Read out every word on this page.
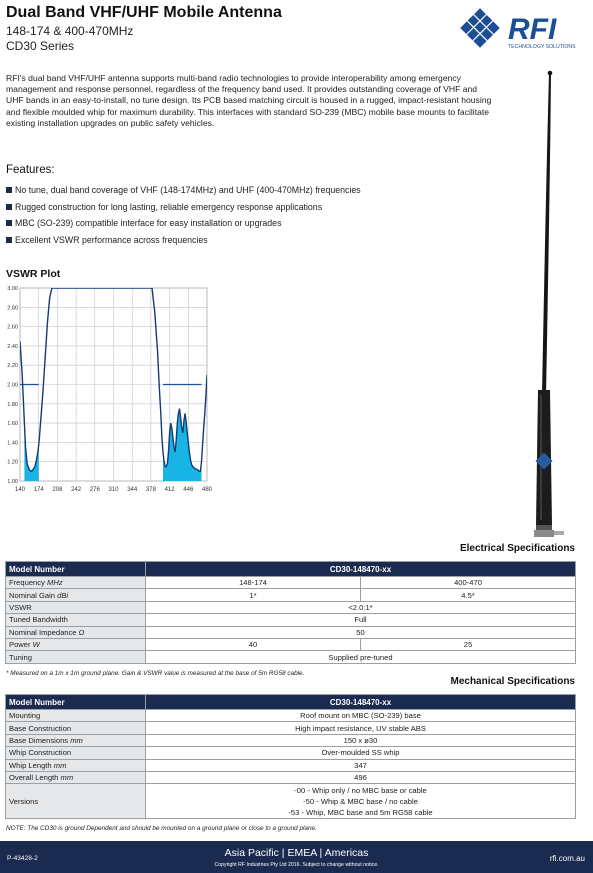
Dual Band VHF/UHF Mobile Antenna
148-174 & 400-470MHz
CD30 Series	RFI
TECHNOLOGY SOLUTIONS
RFI's dual band VHF/UHF antenna supports multi-band radio technologies to provide interoperability among emergency management and response personnel, regardless of the frequency band used. It provides outstanding coverage of VHF and UHF bands in an easy-to-install, no tune design. Its PCB based matching circuit is housed in a rugged, impact-resistant housing and flexible moulded whip for maximum durability. This interfaces with standard SO-239 (MBC) mobile base mounts to facilitate existing installation upgrades on public safety vehicles.
Features:
No tune, dual band coverage of VHF (148-174MHz) and UHF (400-470MHz) frequencies
Rugged construction for long lasting, reliable emergency response applications
MBC (SO-239) compatible interface for easy installation or upgrades
Excellent VSWR performance across frequencies
VSWR Plot
140 174 208 242 276 310 344 378 412 446 480
3.00
2.80
2.60
2.40
2.20
2.00
1.80
1.60
1.40
1.20
1.00
Electrical Specifications
Model Number	CD30-148470-xx	
Frequency MHz	148-174	400-470
Nominal Gain dBi	1*	4.5*
VSWR	<2.0:1*	
Tuned Bandwidth	Full	
Nominal Impedance Ω	50	
Power W	40	25
Tuning	Supplied pre-tuned	
* Measured on a 1m x 1m ground plane. Gain & VSWR value is measured at the base of 5m RG58 cable.
Mechanical Specifications
Model Number	CD30-148470-xx
Mounting	Roof mount on MBC (SO-239) base
Base Construction	High impact resistance, UV stable ABS
Base Dimensions mm	150 x ø30
Whip Construction	Over-moulded SS whip
Whip Length mm	347
Overall Length mm	496
Versions	-00 - Whip only / no MBC base or cable
-50 - Whip & MBC base / no cable
-53 - Whip, MBC base and 5m RG58 cable
NOTE: The CD30 is ground Dependent and should be mounted on a ground plane or close to a ground plane.
P-43428-2	Asia Pacific | EMEA | Americas
Copyright RF Industries Pty Ltd 2016. Subject to change without notice.
rfi.com.au
